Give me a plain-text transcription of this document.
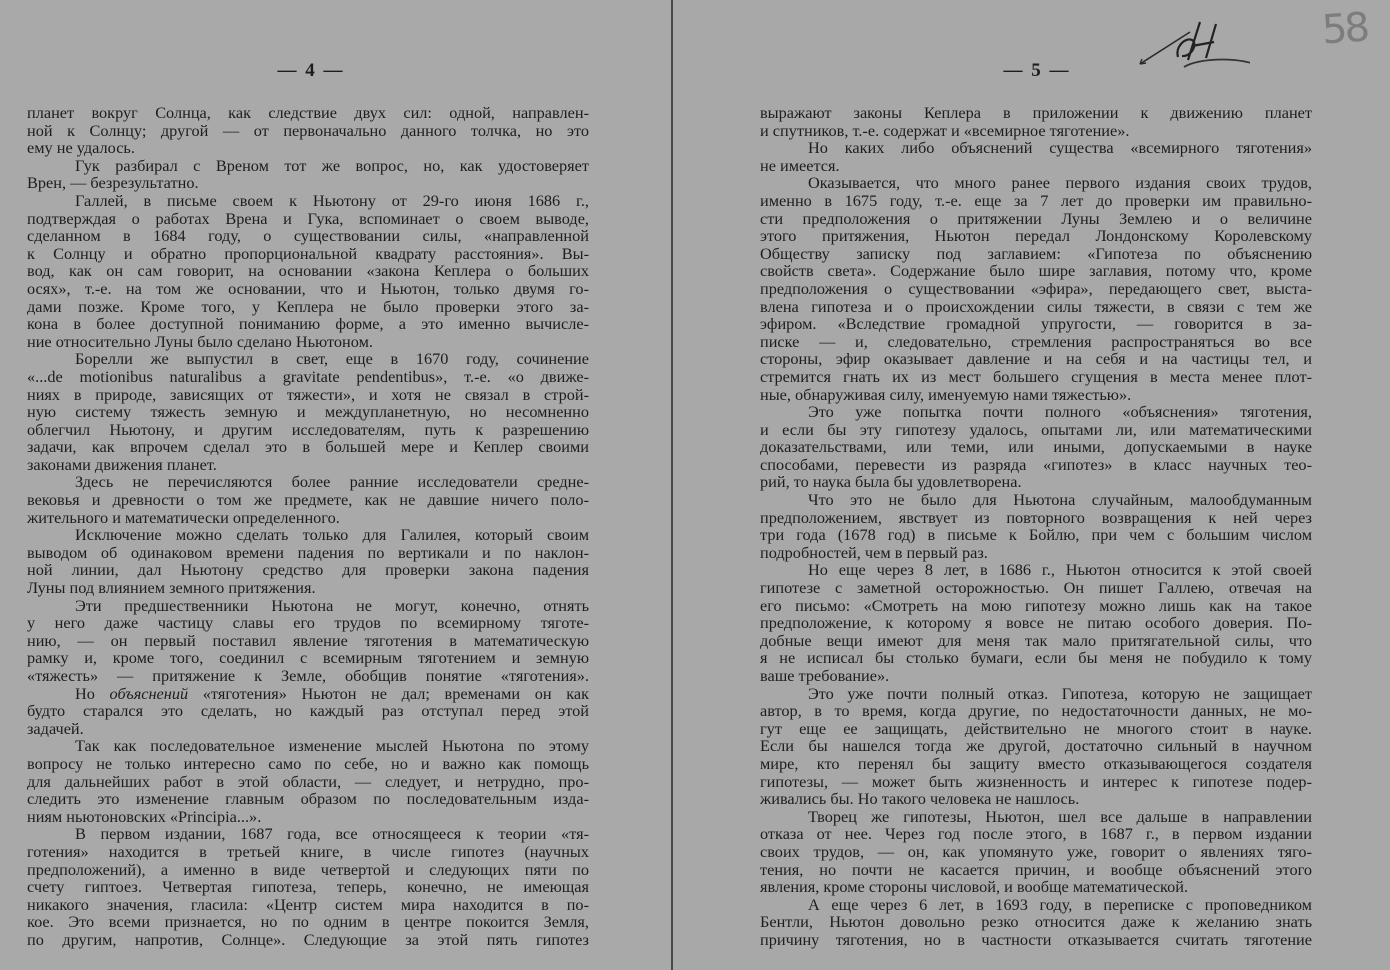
— 4 —	— 5 —
58
планет вокруг Солнца, как следствие двух сил: одной, направлен-
ной к Солнцу; другой — от первоначально данного толчка, но это
ему не удалось.
Гук разбирал с Вреном тот же вопрос, но, как удостоверяет
Врен, — безрезультатно.
Галлей, в письме своем к Ньютону от 29-го июня 1686 г.,
подтверждая о работах Врена и Гука, вспоминает о своем выводе,
сделанном в 1684 году, о существовании силы, «направленной
к Солнцу и обратно пропорциональной квадрату расстояния». Вы-
вод, как он сам говорит, на основании «закона Кеплера о больших
осях», т.-е. на том же основании, что и Ньютон, только двумя го-
дами позже. Кроме того, у Кеплера не было проверки этого за-
кона в более доступной пониманию форме, а это именно вычисле-
ние относительно Луны было сделано Ньютоном.
Борелли же выпустил в свет, еще в 1670 году, сочинение
«...de motionibus naturalibus a gravitate pendentibus», т.-е. «о движе-
ниях в природе, зависящих от тяжести», и хотя не связал в строй-
ную систему тяжесть земную и междупланетную, но несомненно
облегчил Ньютону, и другим исследователям, путь к разрешению
задачи, как впрочем сделал это в большей мере и Кеплер своими
законами движения планет.
Здесь не перечисляются более ранние исследователи средне-
вековья и древности о том же предмете, как не давшие ничего поло-
жительного и математически определенного.
Исключение можно сделать только для Галилея, который своим
выводом об одинаковом времени падения по вертикали и по наклон-
ной линии, дал Ньютону средство для проверки закона падения
Луны под влиянием земного притяжения.
Эти предшественники Ньютона не могут, конечно, отнять
у него даже частицу славы его трудов по всемирному тяготе-
нию, — он первый поставил явление тяготения в математическую
рамку и, кроме того, соединил с всемирным тяготением и земную
«тяжесть» — притяжение к Земле, обобщив понятие «тяготения».
Но объяснений «тяготения» Ньютон не дал; временами он как
будто старался это сделать, но каждый раз отступал перед этой
задачей.
Так как последовательное изменение мыслей Ньютона по этому
вопросу не только интересно само по себе, но и важно как помощь
для дальнейших работ в этой области, — следует, и нетрудно, про-
следить это изменение главным образом по последовательным изда-
ниям ньютоновских «Principia...».
В первом издании, 1687 года, все относящееся к теории «тя-
готения» находится в третьей книге, в числе гипотез (научных
предположений), а именно в виде четвертой и следующих пяти по
счету гиптоез. Четвертая гипотеза, теперь, конечно, не имеющая
никакого значения, гласила: «Центр систем мира находится в по-
кое. Это всеми признается, но по одним в центре покоится Земля,
по другим, напротив, Солнце». Следующие за этой пять гипотез
выражают законы Кеплера в приложении к движению планет
и спутников, т.-е. содержат и «всемирное тяготение».
Но каких либо объяснений существа «всемирного тяготения»
не имеется.
Оказывается, что много ранее первого издания своих трудов,
именно в 1675 году, т.-е. еще за 7 лет до проверки им правильно-
сти предположения о притяжении Луны Землею и о величине
этого притяжения, Ньютон передал Лондонскому Королевскому
Обществу записку под заглавием: «Гипотеза по объяснению
свойств света». Содержание было шире заглавия, потому что, кроме
предположения о существовании «эфира», передающего свет, выста-
влена гипотеза и о происхождении силы тяжести, в связи с тем же
эфиром. «Вследствие громадной упругости, — говорится в за-
писке — и, следовательно, стремления распространяться во все
стороны, эфир оказывает давление и на себя и на частицы тел, и
стремится гнать их из мест большего сгущения в места менее плот-
ные, обнаруживая силу, именуемую нами тяжестью».
Это уже попытка почти полного «объяснения» тяготения,
и если бы эту гипотезу удалось, опытами ли, или математическими
доказательствами, или теми, или иными, допускаемыми в науке
способами, перевести из разряда «гипотез» в класс научных тео-
рий, то наука была бы удовлетворена.
Что это не было для Ньютона случайным, малообдуманным
предположением, явствует из повторного возвращения к ней через
три года (1678 год) в письме к Бойлю, при чем с большим числом
подробностей, чем в первый раз.
Но еще через 8 лет, в 1686 г., Ньютон относится к этой своей
гипотезе с заметной осторожностью. Он пишет Галлею, отвечая на
его письмо: «Смотреть на мою гипотезу можно лишь как на такое
предположение, к которому я вовсе не питаю особого доверия. По-
добные вещи имеют для меня так мало притягательной силы, что
я не исписал бы столько бумаги, если бы меня не побудило к тому
ваше требование».
Это уже почти полный отказ. Гипотеза, которую не защищает
автор, в то время, когда другие, по недостаточности данных, не мо-
гут еще ее защищать, действительно не многого стоит в науке.
Если бы нашелся тогда же другой, достаточно сильный в научном
мире, кто перенял бы защиту вместо отказывающегося создателя
гипотезы, — может быть жизненность и интерес к гипотезе подер-
живались бы. Но такого человека не нашлось.
Творец же гипотезы, Ньютон, шел все дальше в направлении
отказа от нее. Через год после этого, в 1687 г., в первом издании
своих трудов, — он, как упомянуто уже, говорит о явлениях тяго-
тения, но почти не касается причин, и вообще объяснений этого
явления, кроме стороны числовой, и вообще математической.
А еще через 6 лет, в 1693 году, в переписке с проповедником
Бентли, Ньютон довольно резко относится даже к желанию знать
причину тяготения, но в частности отказывается считать тяготение
